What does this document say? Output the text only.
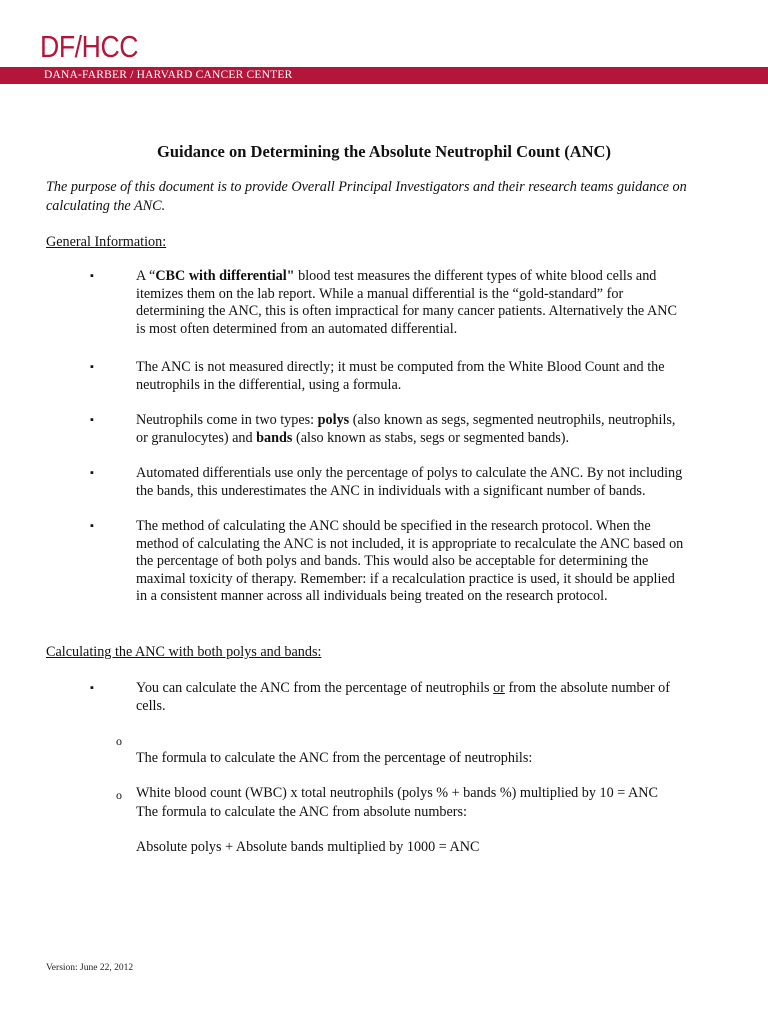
DF/HCC
DANA-FARBER / HARVARD CANCER CENTER
Guidance on Determining the Absolute Neutrophil Count (ANC)
The purpose of this document is to provide Overall Principal Investigators and their research teams guidance on calculating the ANC.
General Information:
▪	A “CBC with differential" blood test measures the different types of white blood cells and
itemizes them on the lab report. While a manual differential is the “gold-standard” for
determining the ANC, this is often impractical for many cancer patients. Alternatively the ANC
is most often determined from an automated differential.
▪	The ANC is not measured directly; it must be computed from the White Blood Count and the
neutrophils in the differential, using a formula.
▪	Neutrophils come in two types: polys (also known as segs, segmented neutrophils, neutrophils,
or granulocytes) and bands (also known as stabs, segs or segmented bands).
▪	Automated differentials use only the percentage of polys to calculate the ANC. By not including
the bands, this underestimates the ANC in individuals with a significant number of bands.
▪	The method of calculating the ANC should be specified in the research protocol. When the
method of calculating the ANC is not included, it is appropriate to recalculate the ANC based on
the percentage of both polys and bands. This would also be acceptable for determining the
maximal toxicity of therapy. Remember: if a recalculation practice is used, it should be applied
in a consistent manner across all individuals being treated on the research protocol.
Calculating the ANC with both polys and bands:
▪	You can calculate the ANC from the percentage of neutrophils or from the absolute number of
cells.
o

The formula to calculate the ANC from the percentage of neutrophils:

White blood count (WBC) x total neutrophils (polys % + bands %) multiplied by 10 = ANC

o

The formula to calculate the ANC from absolute numbers:

Absolute polys + Absolute bands multiplied by 1000 = ANC

Version: June 22, 2012
